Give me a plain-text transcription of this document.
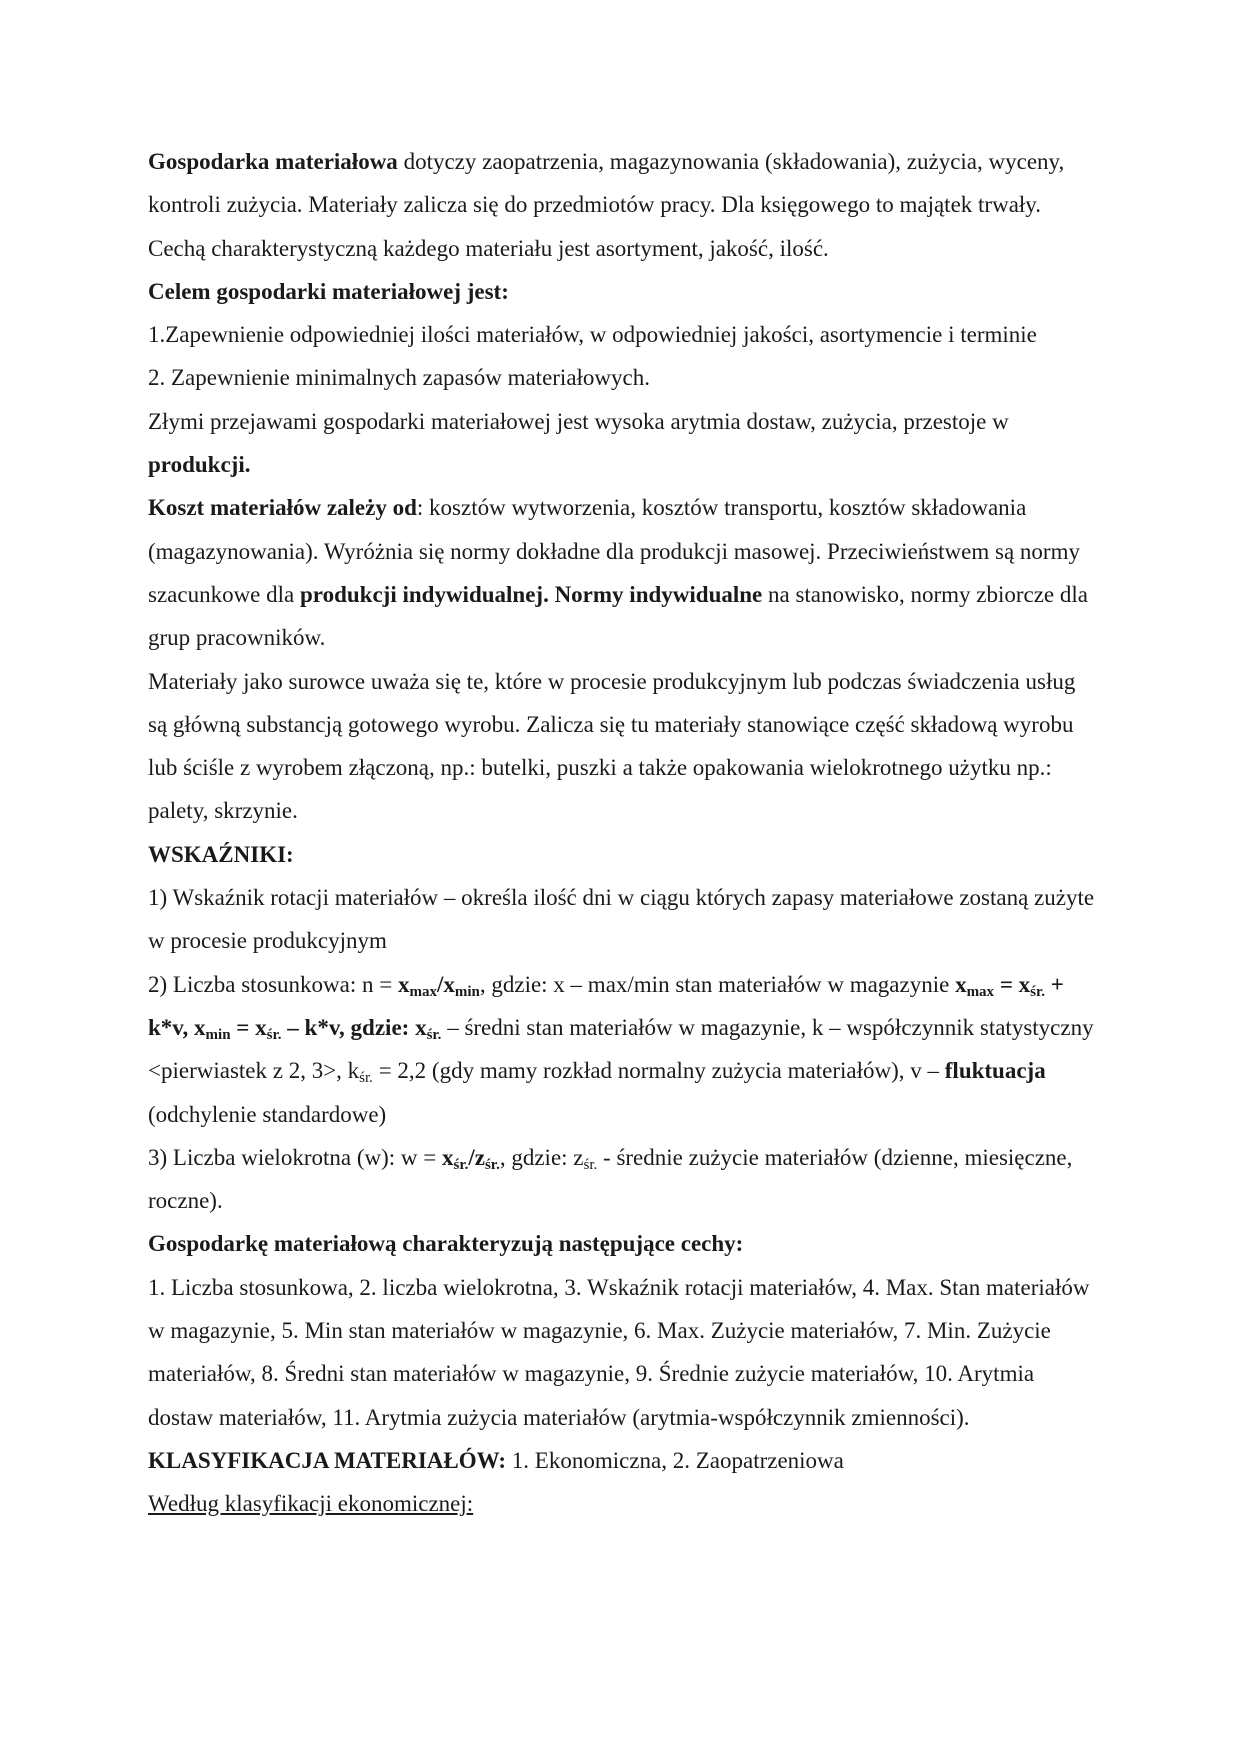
Gospodarka materiałowa dotyczy zaopatrzenia, magazynowania (składowania), zużycia, wyceny, kontroli zużycia. Materiały zalicza się do przedmiotów pracy. Dla księgowego to majątek trwały. Cechą charakterystyczną każdego materiału jest asortyment, jakość, ilość.

Celem gospodarki materiałowej jest:

1.Zapewnienie odpowiedniej ilości materiałów, w odpowiedniej jakości, asortymencie i terminie

2. Zapewnienie minimalnych zapasów materiałowych.

Złymi przejawami gospodarki materiałowej jest wysoka arytmia dostaw, zużycia, przestoje w produkcji.

Koszt materiałów zależy od: kosztów wytworzenia, kosztów transportu, kosztów składowania (magazynowania). Wyróżnia się normy dokładne dla produkcji masowej. Przeciwieństwem są normy szacunkowe dla produkcji indywidualnej. Normy indywidualne na stanowisko, normy zbiorcze dla grup pracowników.

Materiały jako surowce uważa się te, które w procesie produkcyjnym lub podczas świadczenia usług są główną substancją gotowego wyrobu. Zalicza się tu materiały stanowiące część składową wyrobu lub ściśle z wyrobem złączoną, np.: butelki, puszki a także opakowania wielokrotnego użytku np.: palety, skrzynie.

WSKAŹNIKI:

1) Wskaźnik rotacji materiałów – określa ilość dni w ciągu których zapasy materiałowe zostaną zużyte w procesie produkcyjnym

2) Liczba stosunkowa: $n = x_{max}/x_{min}$, gdzie: x – max/min stan materiałów w magazynie $x_{max} = x_{śr.} + k*v$, $x_{min} = x_{śr.} - k*v$, gdzie: $x_{śr.}$ – średni stan materiałów w magazynie, k – współczynnik statystyczny <pierwiastek z 2, 3>, $k_{śr.} = 2,2$ (gdy mamy rozkład normalny zużycia materiałów), v – fluktuacja (odchylenie standardowe)

3) Liczba wielokrotna (w): $w = x_{śr.}/z_{śr.}$, gdzie: $z_{śr.}$ - średnie zużycie materiałów (dzienne, miesięczne, roczne).

Gospodarkę materiałową charakteryzują następujące cechy:

1. Liczba stosunkowa, 2. liczba wielokrotna, 3. Wskaźnik rotacji materiałów, 4. Max. Stan materiałów w magazynie, 5. Min stan materiałów w magazynie, 6. Max. Zużycie materiałów, 7. Min. Zużycie materiałów, 8. Średni stan materiałów w magazynie, 9. Średnie zużycie materiałów, 10. Arytmia dostaw materiałów, 11. Arytmia zużycia materiałów (arytmia-współczynnik zmienności).

KLASYFIKACJA MATERIAŁÓW: 1. Ekonomiczna, 2. Zaopatrzeniowa

Według klasyfikacji ekonomicznej:
